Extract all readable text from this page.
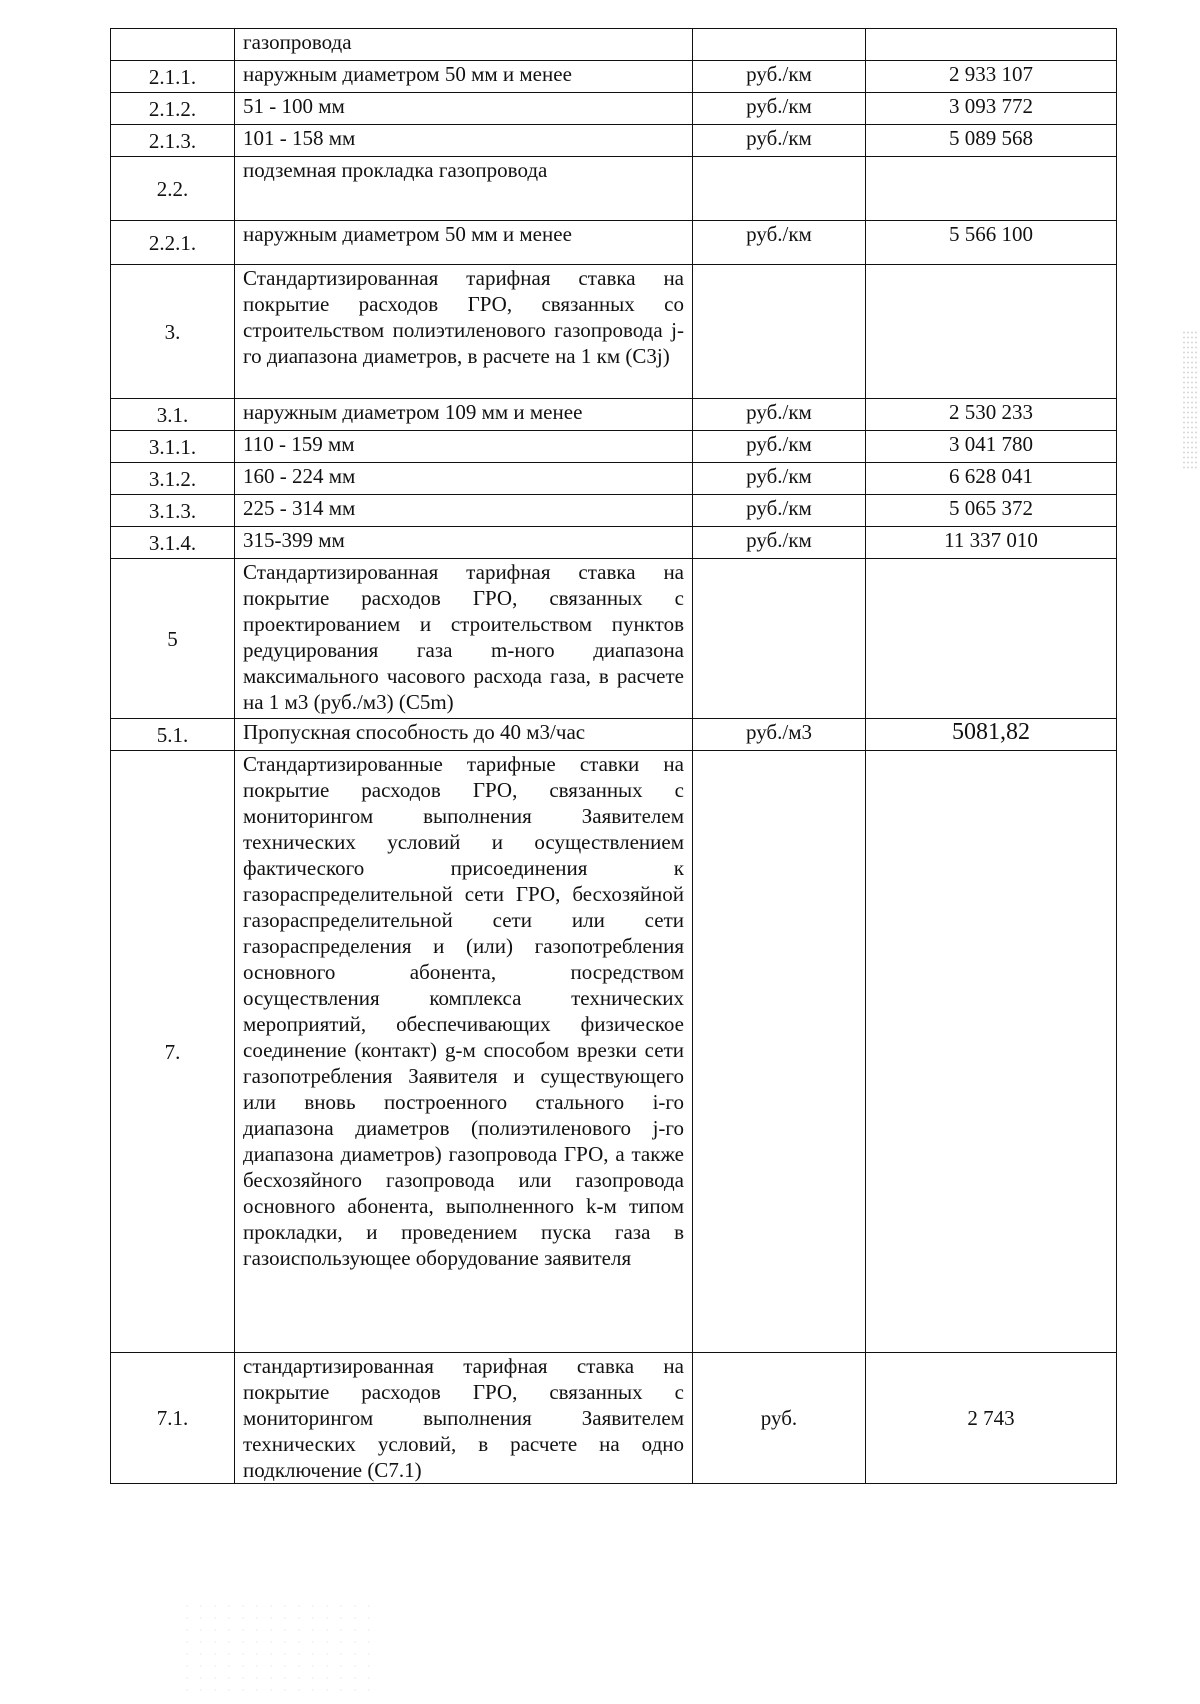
	газопровода		
2.1.1.	наружным диаметром 50 мм и менее	руб./км	2 933 107
2.1.2.	51 - 100 мм	руб./км	3 093 772
2.1.3.	101 - 158 мм	руб./км	5 089 568
2.2.	подземная прокладка газопровода		
2.2.1.	наружным диаметром 50 мм и менее	руб./км	5 566 100
3.	Стандартизированная тарифная ставка на покрытие расходов ГРО, связанных со строительством полиэтиленового газопровода j-го диапазона диаметров, в расчете на 1 км (С3j)		
3.1.	наружным диаметром 109 мм и менее	руб./км	2 530 233
3.1.1.	110 - 159 мм	руб./км	3 041 780
3.1.2.	160 - 224 мм	руб./км	6 628 041
3.1.3.	225 - 314 мм	руб./км	5 065 372
3.1.4.	315-399 мм	руб./км	11 337 010
5	Стандартизированная тарифная ставка на покрытие расходов ГРО, связанных с проектированием и строительством пунктов редуцирования газа m-ного диапазона максимального часового расхода газа, в расчете на 1 м3 (руб./м3) (С5m)		
5.1.	Пропускная способность до 40 м3/час	руб./м3	5081,82
7.	Стандартизированные тарифные ставки на покрытие расходов ГРО, связанных с мониторингом выполнения Заявителем технических условий и осуществлением фактического присоединения к газораспределительной сети ГРО, бесхозяйной газораспределительной сети или сети газораспределения и (или) газопотребления основного абонента, посредством осуществления комплекса технических мероприятий, обеспечивающих физическое соединение (контакт) g-м способом врезки сети газопотребления Заявителя и существующего или вновь построенного стального i-го диапазона диаметров (полиэтиленового j-го диапазона диаметров) газопровода ГРО, а также бесхозяйного газопровода или газопровода основного абонента, выполненного k-м типом прокладки, и проведением пуска газа в газоиспользующее оборудование заявителя		
7.1.	стандартизированная тарифная ставка на покрытие расходов ГРО, связанных с мониторингом выполнения Заявителем технических условий, в расчете на одно подключение (С7.1)	руб.	2 743
